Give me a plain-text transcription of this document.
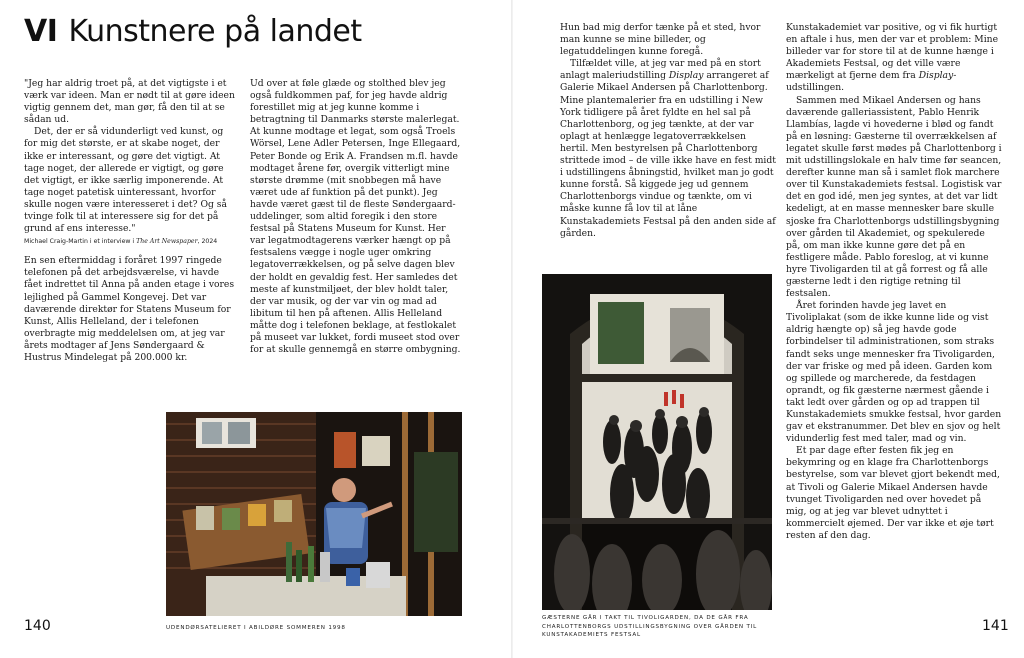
VI Kunstnere på landet

"Jeg har aldrig troet på, at det vigtigste i et værk var ideen. Man er nødt til at gøre ideen vigtig gennem det, man gør, få den til at se sådan ud.

Det, der er så vidunderligt ved kunst, og for mig det største, er at skabe noget, der ikke er interessant, og gøre det vigtigt. At tage noget, der allerede er vigtigt, og gøre det vigtigt, er ikke særlig imponerende. At tage noget patetisk uinteressant, hvorfor skulle nogen være interesseret i det? Og så tvinge folk til at interessere sig for det på grund af ens interesse."

Michael Craig-Martin i et interview i The Art Newspaper, 2024

En sen eftermiddag i foråret 1997 ringede telefonen på det arbejdsværelse, vi havde fået indrettet til Anna på anden etage i vores lejlighed på Gammel Kongevej. Det var daværende direktør for Statens Museum for Kunst, Allis Helleland, der i telefonen overbragte mig meddelelsen om, at jeg var årets modtager af Jens Søndergaard & Hustrus Mindelegat på 200.000 kr.

Ud over at føle glæde og stolthed blev jeg også fuldkommen paf, for jeg havde aldrig forestillet mig at jeg kunne komme i betragtning til Danmarks største malerlegat. At kunne modtage et legat, som også Troels Wörsel, Lene Adler Petersen, Inge Ellegaard, Peter Bonde og Erik A. Frandsen m.fl. havde modtaget årene før, overgik vitterligt mine største drømme (mit snobbegen må have været ude af funktion på det punkt). Jeg havde været gæst til de fleste Søndergaard-uddelinger, som altid foregik i den store festsal på Statens Museum for Kunst. Her var legatmodtagerens værker hængt op på festsalens vægge i nogle uger omkring legatoverrækkelsen, og på selve dagen blev der holdt en gevaldig fest. Her samledes det meste af kunstmiljøet, der blev holdt taler, der var musik, og der var vin og mad ad libitum til hen på aftenen. Allis Helleland måtte dog i telefonen beklage, at festlokalet på museet var lukket, fordi museet stod over for at skulle gennemgå en større ombygning.

UDENDØRSATELIERET I ABILDØRE SOMMEREN 1998
140

Hun bad mig derfor tænke på et sted, hvor man kunne se mine billeder, og legatuddelingen kunne foregå.

Tilfældet ville, at jeg var med på en stort anlagt maleriudstilling Display arrangeret af Galerie Mikael Andersen på Charlottenborg. Mine plantemalerier fra en udstilling i New York tidligere på året fyldte en hel sal på Charlottenborg, og jeg tænkte, at der var oplagt at henlægge legatoverrækkelsen hertil. Men bestyrelsen på Charlottenborg strittede imod – de ville ikke have en fest midt i udstillingens åbningstid, hvilket man jo godt kunne forstå. Så kiggede jeg ud gennem Charlottenborgs vindue og tænkte, om vi måske kunne få lov til at låne Kunstakademiets Festsal på den anden side af gården.

Kunstakademiet var positive, og vi fik hurtigt en aftale i hus, men der var et problem: Mine billeder var for store til at de kunne hænge i Akademiets Festsal, og det ville være mærkeligt at fjerne dem fra Display-udstillingen.

Sammen med Mikael Andersen og hans daværende galleriassistent, Pablo Henrik Llambías, lagde vi hovederne i blød og fandt på en løsning: Gæsterne til overrækkelsen af legatet skulle først mødes på Charlottenborg i mit udstillingslokale en halv time før seancen, derefter kunne man så i samlet flok marchere over til Kunstakademiets festsal. Logistisk var det en god idé, men jeg syntes, at det var lidt kedeligt, at en masse mennesker bare skulle sjoske fra Charlottenborgs udstillingsbygning over gården til Akademiet, og spekulerede på, om man ikke kunne gøre det på en festligere måde. Pablo foreslog, at vi kunne hyre Tivoligarden til at gå forrest og få alle gæsterne ledt i den rigtige retning til festsalen.

Året forinden havde jeg lavet en Tivoliplakat (som de ikke kunne lide og vist aldrig hængte op) så jeg havde gode forbindelser til administrationen, som straks fandt seks unge mennesker fra Tivoligarden, der var friske og med på ideen. Garden kom og spillede og marcherede, da festdagen oprandt, og fik gæsterne nærmest gående i takt ledt over gården og op ad trappen til Kunstakademiets smukke festsal, hvor garden gav et ekstranummer. Det blev en sjov og helt vidunderlig fest med taler, mad og vin.

Et par dage efter festen fik jeg en bekymring og en klage fra Charlottenborgs bestyrelse, som var blevet gjort bekendt med, at Tivoli og Galerie Mikael Andersen havde tvunget Tivoligarden ned over hovedet på mig, og at jeg var blevet udnyttet i kommercielt øjemed. Der var ikke et øje tørt resten af den dag.

GÆSTERNE GÅR I TAKT TIL TIVOLIGARDEN, DA DE GÅR FRA CHARLOTTENBORGS UDSTILLINGSBYGNING OVER GÅRDEN TIL KUNSTAKADEMIETS FESTSAL
141
